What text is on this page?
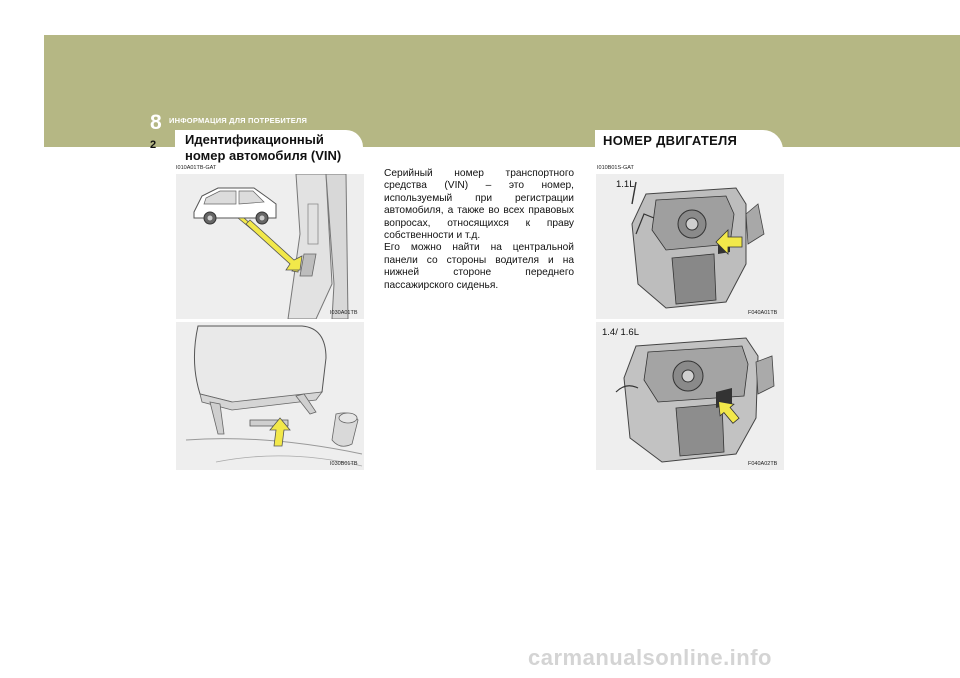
8 ИНФОРМАЦИЯ ДЛЯ ПОТРЕБИТЕЛЯ
2 Идентификационный
номер автомобиля (VIN)
НОМЕР ДВИГАТЕЛЯ
I010A01TB-GAT
I030A01TB
I030B01TB

Серийный номер транспортного средства (VIN) – это номер, используемый при регистрации автомобиля, а также во всех правовых вопросах, относящихся к праву собственности и т.д.

Его можно найти на центральной панели со стороны водителя и на нижней стороне переднего пассажирского сиденья.

I010B01S-GAT
1.1L
F040A01TB
1.4/ 1.6L
F040A02TB
carmanualsonline.info
